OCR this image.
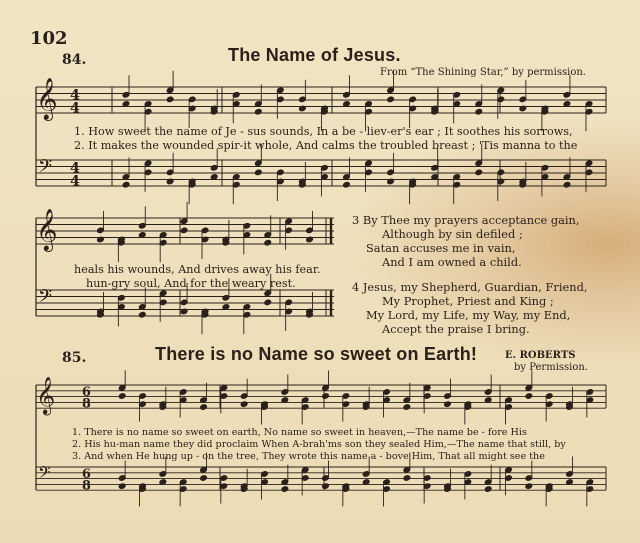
102
84.	The Name of Jesus.
From “The Shining Star,” by permission.
𝄞
𝄢
4
4
4
4
𝄞
𝄢
𝄞
𝄢
6
8
6
8
1. How sweet the name of Je - sus sounds, In a be - liev-er's ear ; It soothes his sorrows,
2. It makes the wounded spir-it whole, And calms the troubled breast ; 'Tis manna to the
heals his wounds, And drives away his fear.
hun-gry soul, And for the weary rest.
3 By Thee my prayers acceptance gain,
Although by sin defiled ;
Satan accuses me in vain,
And I am owned a child.
4 Jesus, my Shepherd, Guardian, Friend,
My Prophet, Priest and King ;
My Lord, my Life, my Way, my End,
Accept the praise I bring.
85.	There is no Name so sweet on Earth!	E. ROBERTS
by Permission.
1. There is no name so sweet on earth, No name so sweet in heaven,—The name be - fore His
2. His hu-man name they did proclaim When A-brah'ms son they sealed Him,—The name that still, by
3. And when He hung up - on the tree, They wrote this name a - bove Him, That all might see the
